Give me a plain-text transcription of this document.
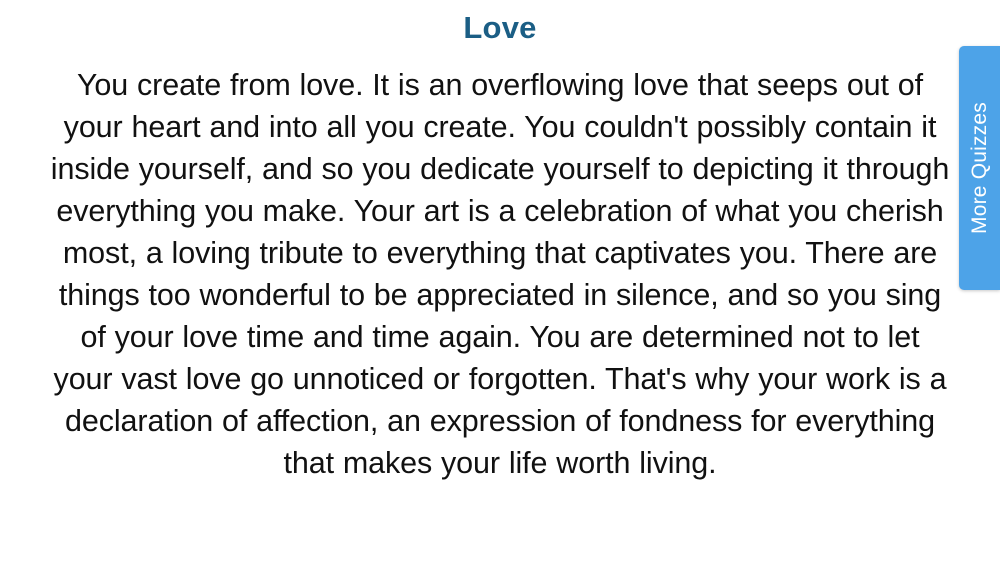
Love

You create from love. It is an overflowing love that seeps out of your heart and into all you create. You couldn't possibly contain it inside yourself, and so you dedicate yourself to depicting it through everything you make. Your art is a celebration of what you cherish most, a loving tribute to everything that captivates you. There are things too wonderful to be appreciated in silence, and so you sing of your love time and time again. You are determined not to let your vast love go unnoticed or forgotten. That's why your work is a declaration of affection, an expression of fondness for everything that makes your life worth living.

More Quizzes
